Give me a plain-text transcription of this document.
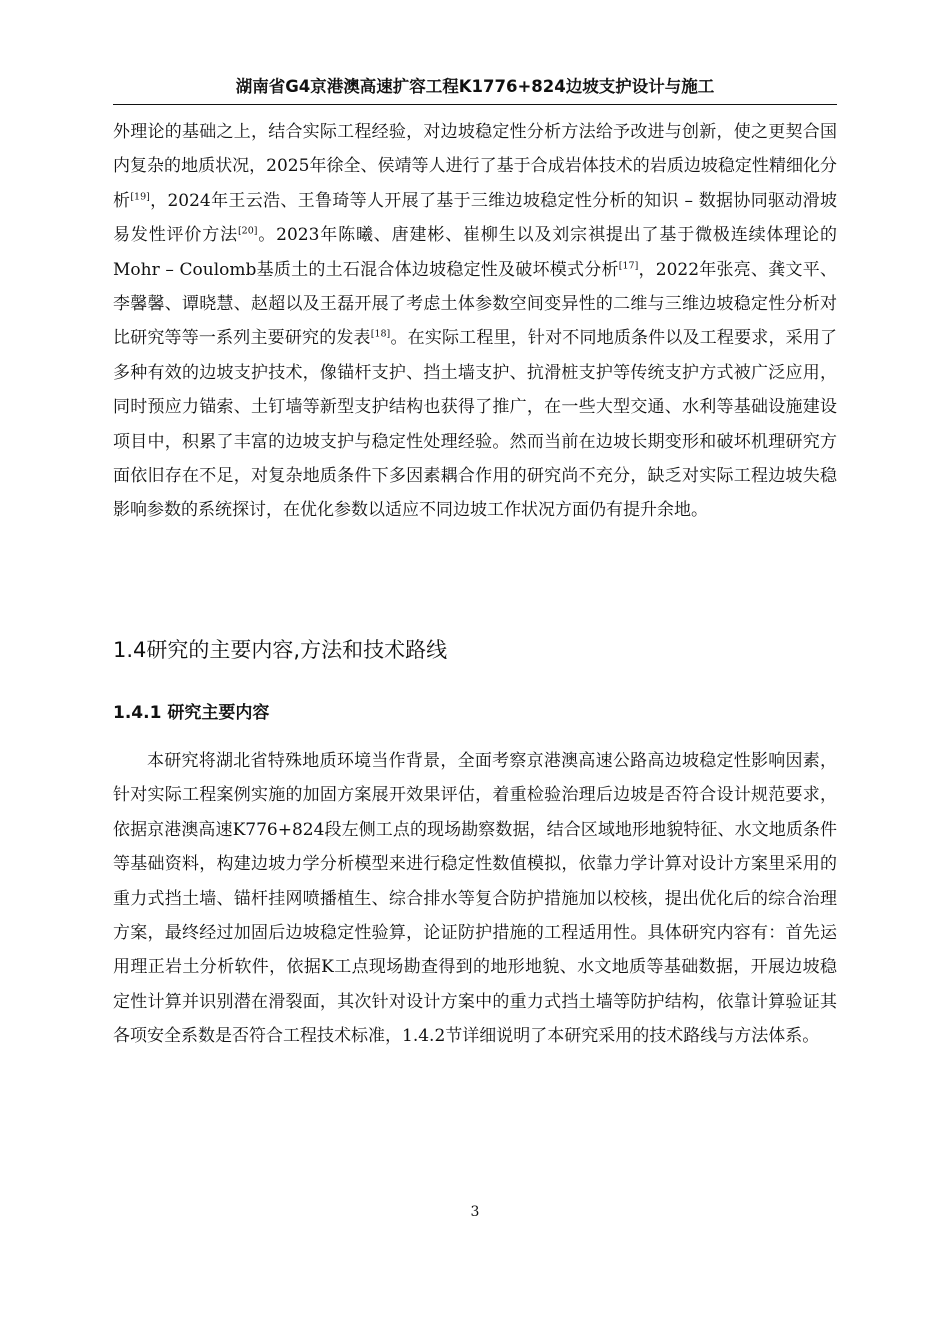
湖南省G4京港澳高速扩容工程K1776+824边坡支护设计与施工

外理论的基础之上，结合实际工程经验，对边坡稳定性分析方法给予改进与创新，使之更契合国内复杂的地质状况，2025年徐全、侯靖等人进行了基于合成岩体技术的岩质边坡稳定性精细化分析[19]，2024年王云浩、王鲁琦等人开展了基于三维边坡稳定性分析的知识 – 数据协同驱动滑坡易发性评价方法[20]。2023年陈曦、唐建彬、崔柳生以及刘宗祺提出了基于微极连续体理论的Mohr – Coulomb基质土的土石混合体边坡稳定性及破坏模式分析[17]，2022年张亮、龚文平、李馨馨、谭晓慧、赵超以及王磊开展了考虑土体参数空间变异性的二维与三维边坡稳定性分析对比研究等等一系列主要研究的发表[18]。在实际工程里，针对不同地质条件以及工程要求，采用了多种有效的边坡支护技术，像锚杆支护、挡土墙支护、抗滑桩支护等传统支护方式被广泛应用，同时预应力锚索、土钉墙等新型支护结构也获得了推广，在一些大型交通、水利等基础设施建设项目中，积累了丰富的边坡支护与稳定性处理经验。然而当前在边坡长期变形和破坏机理研究方面依旧存在不足，对复杂地质条件下多因素耦合作用的研究尚不充分，缺乏对实际工程边坡失稳影响参数的系统探讨，在优化参数以适应不同边坡工作状况方面仍有提升余地。

1.4研究的主要内容,方法和技术路线
1.4.1 研究主要内容

本研究将湖北省特殊地质环境当作背景，全面考察京港澳高速公路高边坡稳定性影响因素，针对实际工程案例实施的加固方案展开效果评估，着重检验治理后边坡是否符合设计规范要求，依据京港澳高速K776+824段左侧工点的现场勘察数据，结合区域地形地貌特征、水文地质条件等基础资料，构建边坡力学分析模型来进行稳定性数值模拟，依靠力学计算对设计方案里采用的重力式挡土墙、锚杆挂网喷播植生、综合排水等复合防护措施加以校核，提出优化后的综合治理方案，最终经过加固后边坡稳定性验算，论证防护措施的工程适用性。具体研究内容有：首先运用理正岩土分析软件，依据K工点现场勘查得到的地形地貌、水文地质等基础数据，开展边坡稳定性计算并识别潜在滑裂面，其次针对设计方案中的重力式挡土墙等防护结构，依靠计算验证其各项安全系数是否符合工程技术标准，1.4.2节详细说明了本研究采用的技术路线与方法体系。

3
